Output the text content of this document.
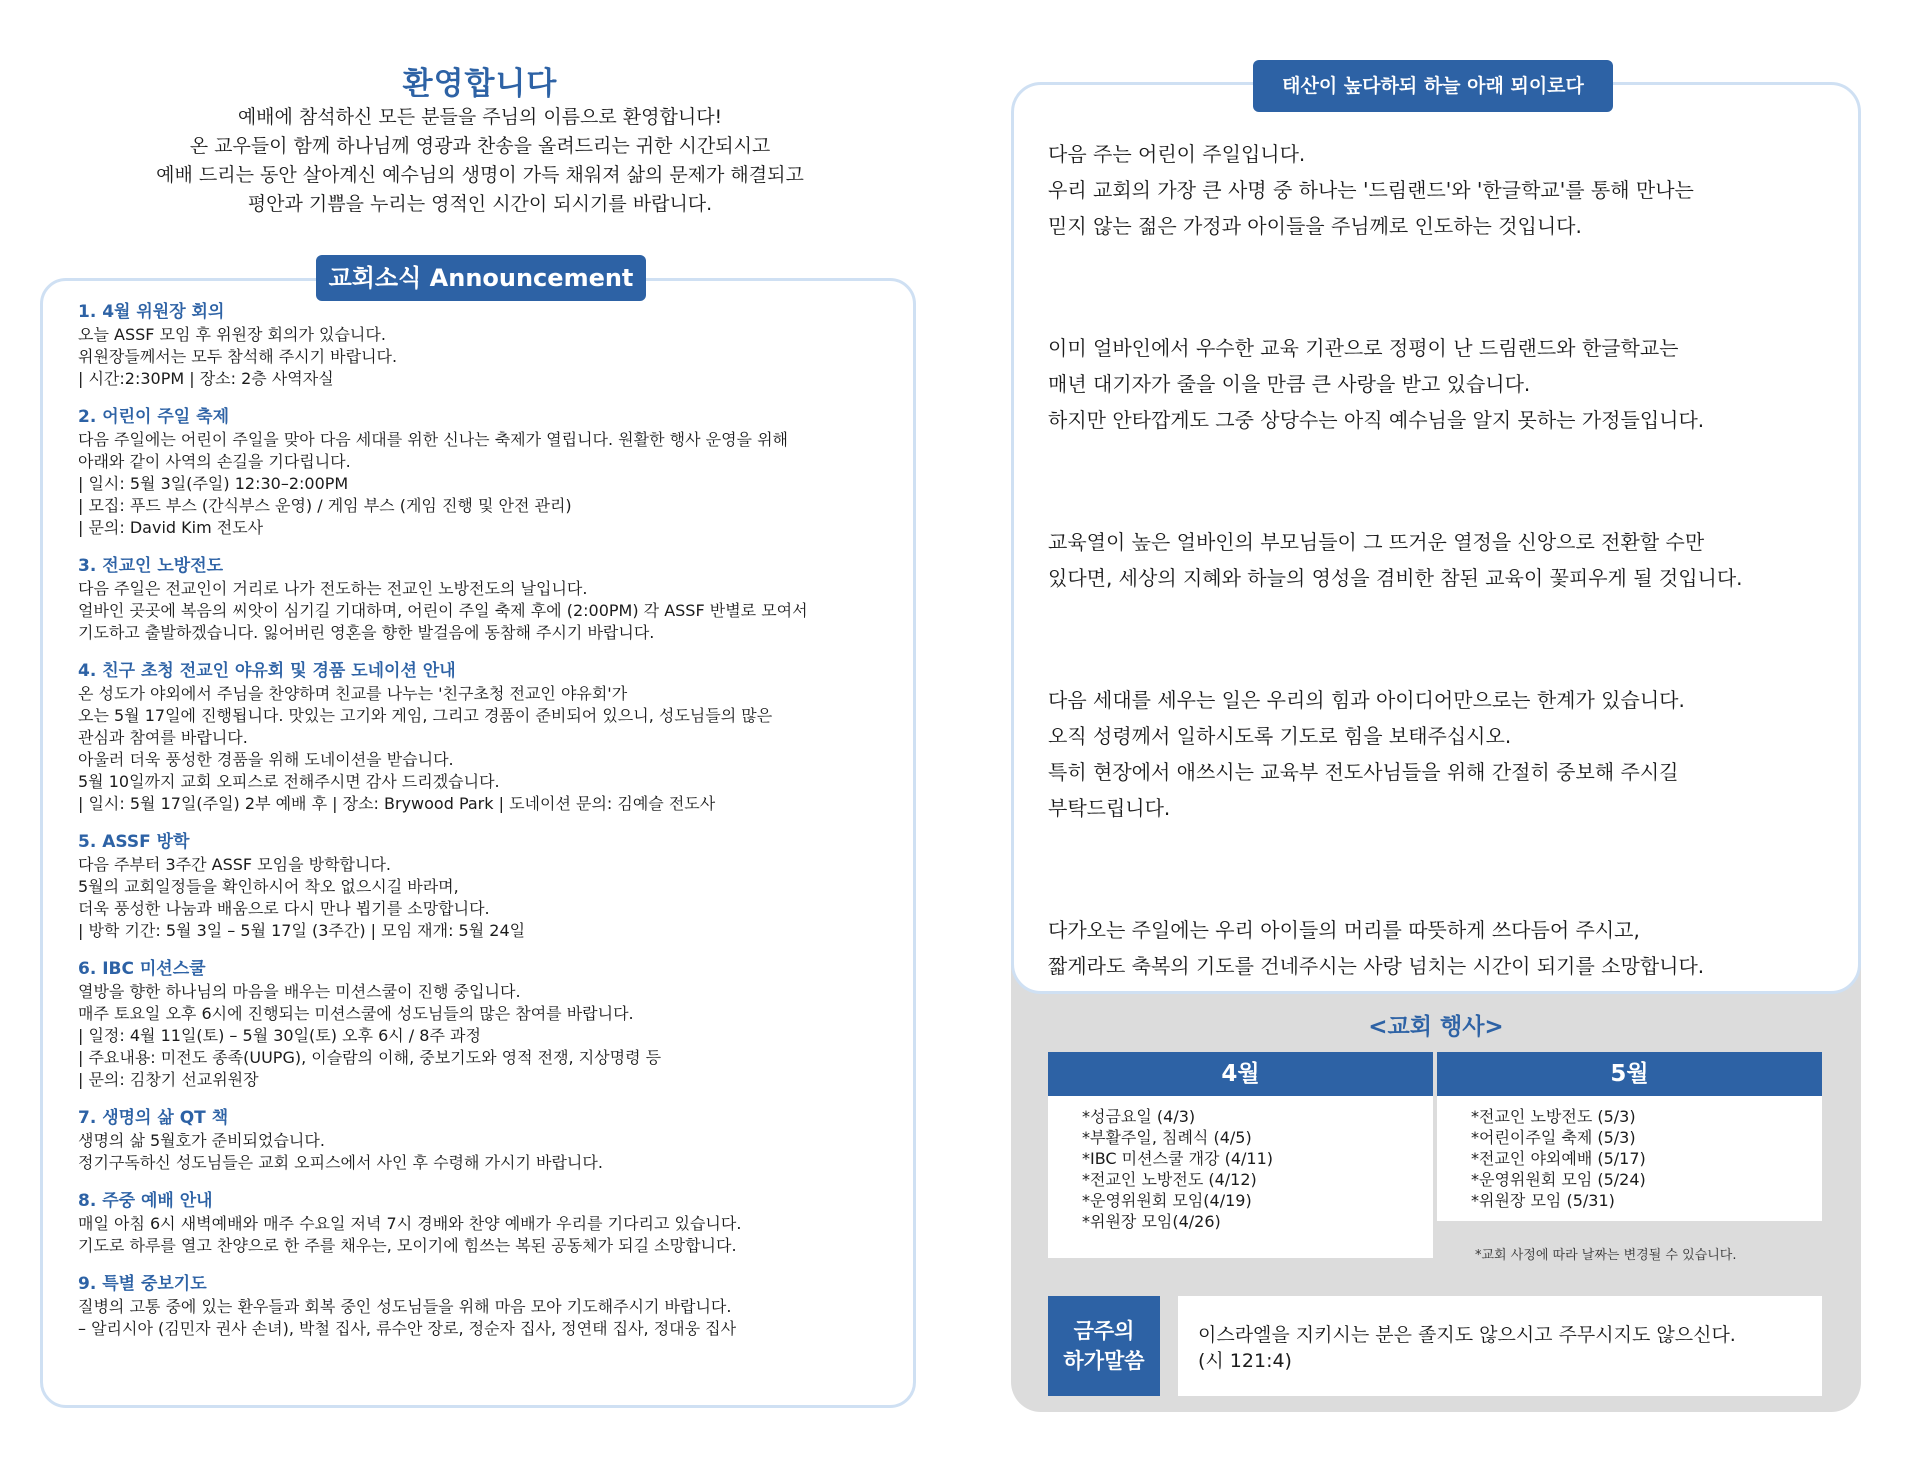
환영합니다
예배에 참석하신 모든 분들을 주님의 이름으로 환영합니다!
온 교우들이 함께 하나님께 영광과 찬송을 올려드리는 귀한 시간되시고
예배 드리는 동안 살아계신 예수님의 생명이 가득 채워져 삶의 문제가 해결되고
평안과 기쁨을 누리는 영적인 시간이 되시기를 바랍니다.
교회소식 Announcement
1. 4월 위원장 회의
오늘 ASSF 모임 후 위원장 회의가 있습니다.
위원장들께서는 모두 참석해 주시기 바랍니다.
| 시간:2:30PM | 장소: 2층 사역자실
2. 어린이 주일 축제
다음 주일에는 어린이 주일을 맞아 다음 세대를 위한 신나는 축제가 열립니다. 원활한 행사 운영을 위해
아래와 같이 사역의 손길을 기다립니다.
| 일시: 5월 3일(주일) 12:30–2:00PM
| 모집: 푸드 부스 (간식부스 운영) / 게임 부스 (게임 진행 및 안전 관리)
| 문의: David Kim 전도사
3. 전교인 노방전도
다음 주일은 전교인이 거리로 나가 전도하는 전교인 노방전도의 날입니다.
얼바인 곳곳에 복음의 씨앗이 심기길 기대하며, 어린이 주일 축제 후에 (2:00PM) 각 ASSF 반별로 모여서
기도하고 출발하겠습니다. 잃어버린 영혼을 향한 발걸음에 동참해 주시기 바랍니다.
4. 친구 초청 전교인 야유회 및 경품 도네이션 안내
온 성도가 야외에서 주님을 찬양하며 친교를 나누는 '친구초청 전교인 야유회'가
오는 5월 17일에 진행됩니다. 맛있는 고기와 게임, 그리고 경품이 준비되어 있으니, 성도님들의 많은
관심과 참여를 바랍니다.
아울러 더욱 풍성한 경품을 위해 도네이션을 받습니다.
5월 10일까지 교회 오피스로 전해주시면 감사 드리겠습니다.
| 일시: 5월 17일(주일) 2부 예배 후 | 장소: Brywood Park | 도네이션 문의: 김예슬 전도사
5. ASSF 방학
다음 주부터 3주간 ASSF 모임을 방학합니다.
5월의 교회일정들을 확인하시어 착오 없으시길 바라며,
더욱 풍성한 나눔과 배움으로 다시 만나 뵙기를 소망합니다.
| 방학 기간: 5월 3일 – 5월 17일 (3주간) | 모임 재개: 5월 24일
6. IBC 미션스쿨
열방을 향한 하나님의 마음을 배우는 미션스쿨이 진행 중입니다.
매주 토요일 오후 6시에 진행되는 미션스쿨에 성도님들의 많은 참여를 바랍니다.
| 일정: 4월 11일(토) – 5월 30일(토) 오후 6시 / 8주 과정
| 주요내용: 미전도 종족(UUPG), 이슬람의 이해, 중보기도와 영적 전쟁, 지상명령 등
| 문의: 김창기 선교위원장
7. 생명의 삶 QT 책
생명의 삶 5월호가 준비되었습니다.
정기구독하신 성도님들은 교회 오피스에서 사인 후 수령해 가시기 바랍니다.
8. 주중 예배 안내
매일 아침 6시 새벽예배와 매주 수요일 저녁 7시 경배와 찬양 예배가 우리를 기다리고 있습니다.
기도로 하루를 열고 찬양으로 한 주를 채우는, 모이기에 힘쓰는 복된 공동체가 되길 소망합니다.
9. 특별 중보기도
질병의 고통 중에 있는 환우들과 회복 중인 성도님들을 위해 마음 모아 기도해주시기 바랍니다.
– 알리시아 (김민자 권사 손녀), 박철 집사, 류수안 장로, 정순자 집사, 정연태 집사, 정대웅 집사
태산이 높다하되 하늘 아래 뫼이로다
다음 주는 어린이 주일입니다.
우리 교회의 가장 큰 사명 중 하나는 '드림랜드'와 '한글학교'를 통해 만나는
믿지 않는 젊은 가정과 아이들을 주님께로 인도하는 것입니다.
이미 얼바인에서 우수한 교육 기관으로 정평이 난 드림랜드와 한글학교는
매년 대기자가 줄을 이을 만큼 큰 사랑을 받고 있습니다.
하지만 안타깝게도 그중 상당수는 아직 예수님을 알지 못하는 가정들입니다.
교육열이 높은 얼바인의 부모님들이 그 뜨거운 열정을 신앙으로 전환할 수만
있다면, 세상의 지혜와 하늘의 영성을 겸비한 참된 교육이 꽃피우게 될 것입니다.
다음 세대를 세우는 일은 우리의 힘과 아이디어만으로는 한계가 있습니다.
오직 성령께서 일하시도록 기도로 힘을 보태주십시오.
특히 현장에서 애쓰시는 교육부 전도사님들을 위해 간절히 중보해 주시길
부탁드립니다.
다가오는 주일에는 우리 아이들의 머리를 따뜻하게 쓰다듬어 주시고,
짧게라도 축복의 기도를 건네주시는 사랑 넘치는 시간이 되기를 소망합니다.
<교회 행사>
4월
*성금요일 (4/3)
*부활주일, 침례식 (4/5)
*IBC 미션스쿨 개강 (4/11)
*전교인 노방전도 (4/12)
*운영위원회 모임(4/19)
*위원장 모임(4/26)
5월
*전교인 노방전도 (5/3)
*어린이주일 축제 (5/3)
*전교인 야외예배 (5/17)
*운영위원회 모임 (5/24)
*위원장 모임 (5/31)
*교회 사정에 따라 날짜는 변경될 수 있습니다.
금주의
하가말씀
이스라엘을 지키시는 분은 졸지도 않으시고 주무시지도 않으신다.
(시 121:4)
